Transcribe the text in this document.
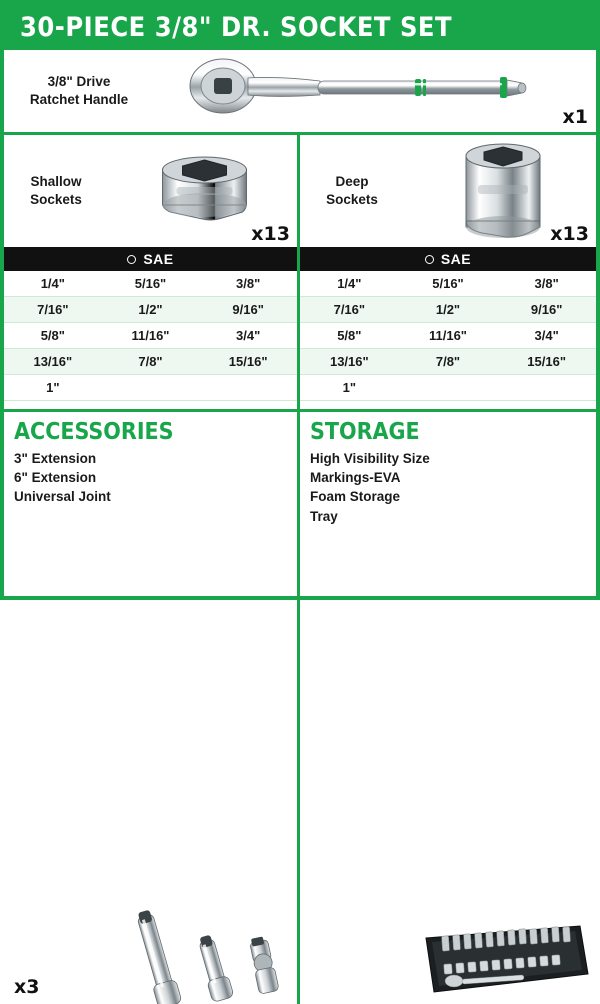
30-PIECE 3/8" DR. SOCKET SET
3/8" Drive
Ratchet Handle
x1
Shallow
Sockets
x13
SAE
1/4"	5/16"	3/8"
7/16"	1/2"	9/16"
5/8"	11/16"	3/4"
13/16"	7/8"	15/16"
1"		
Deep
Sockets
x13
SAE
1/4"	5/16"	3/8"
7/16"	1/2"	9/16"
5/8"	11/16"	3/4"
13/16"	7/8"	15/16"
1"		
ACCESSORIES
3" Extension
6" Extension
Universal Joint
x3
STORAGE
High Visibility Size
Markings-EVA
Foam Storage
Tray
